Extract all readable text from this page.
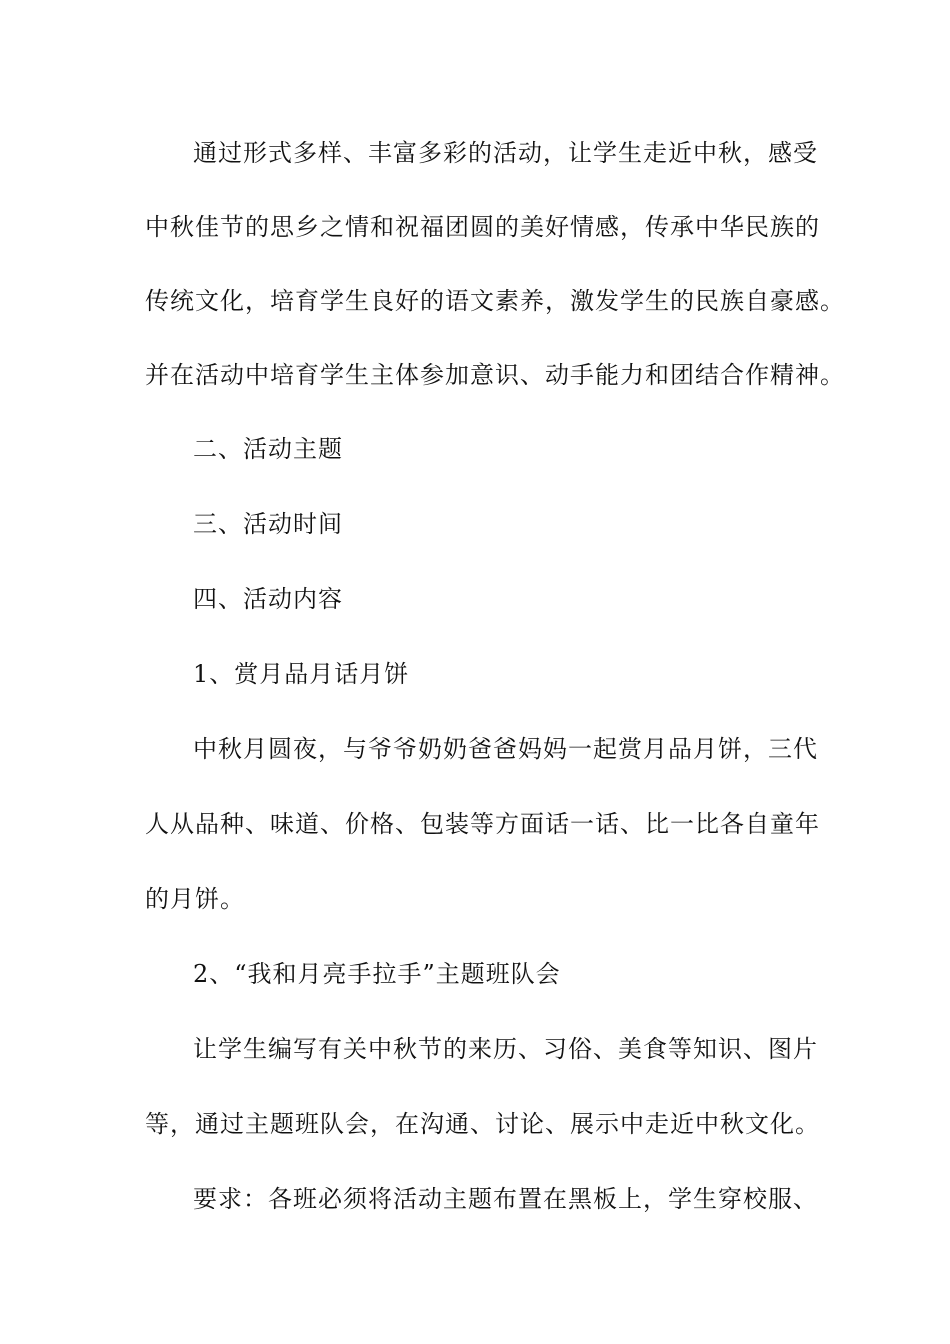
通过形式多样、丰富多彩的活动，让学生走近中秋，感受
中秋佳节的思乡之情和祝福团圆的美好情感，传承中华民族的
传统文化，培育学生良好的语文素养，激发学生的民族自豪感。
并在活动中培育学生主体参加意识、动手能力和团结合作精神。
二、活动主题
三、活动时间
四、活动内容
1、赏月品月话月饼
中秋月圆夜，与爷爷奶奶爸爸妈妈一起赏月品月饼，三代
人从品种、味道、价格、包装等方面话一话、比一比各自童年
的月饼。
2、“我和月亮手拉手”主题班队会
让学生编写有关中秋节的来历、习俗、美食等知识、图片
等，通过主题班队会，在沟通、讨论、展示中走近中秋文化。
要求：各班必须将活动主题布置在黑板上，学生穿校服、
